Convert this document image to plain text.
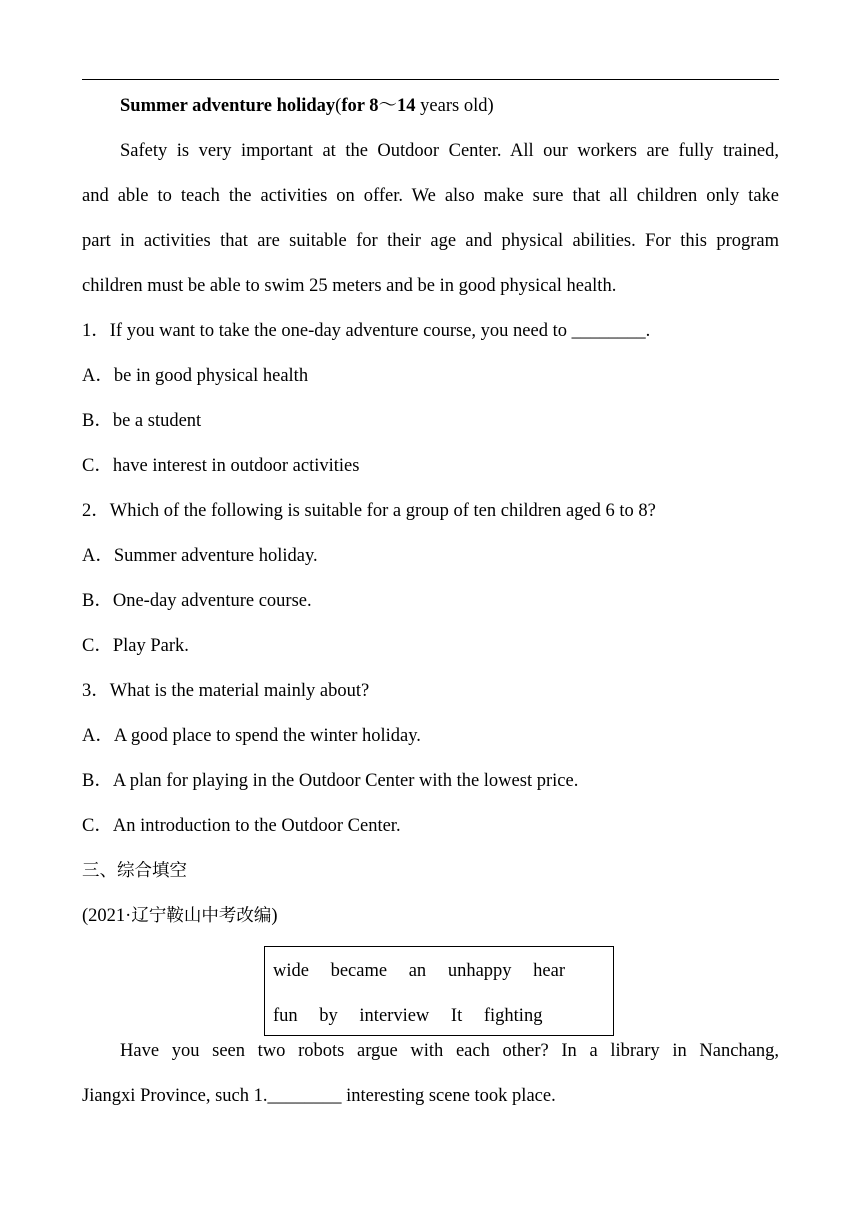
Summer adventure holiday(for 8～14 years old)
Safety is very important at the Outdoor Center. All our workers are fully trained,
and able to teach the activities on offer. We also make sure that all children only take
part in activities that are suitable for their age and physical abilities. For this program
children must be able to swim 25 meters and be in good physical health.
1．If you want to take the one-day adventure course, you need to ________.
A．be in good physical health
B．be a student
C．have interest in outdoor activities
2．Which of the following is suitable for a group of ten children aged 6 to 8?
A．Summer adventure holiday.
B．One-day adventure course.
C．Play Park.
3．What is the material mainly about?
A．A good place to spend the winter holiday.
B．A plan for playing in the Outdoor Center with the lowest price.
C．An introduction to the Outdoor Center.
三、综合填空
(2021·辽宁鞍山中考改编)
wide became an unhappy hear
fun by interview It fighting
Have you seen two robots argue with each other? In a library in Nanchang,
Jiangxi Province, such 1.________ interesting scene took place.
